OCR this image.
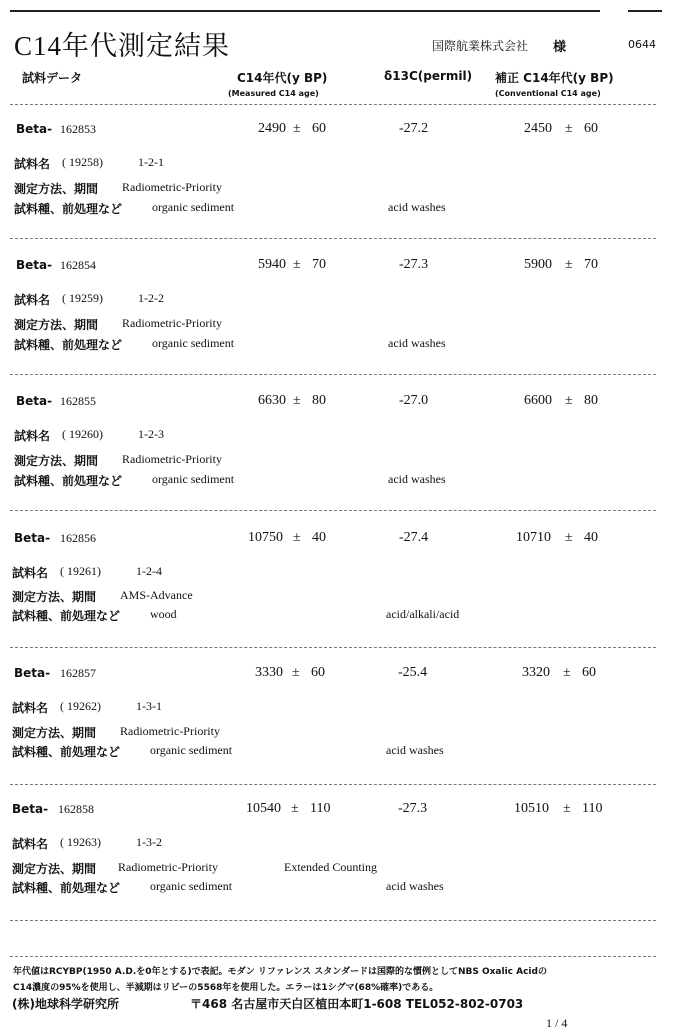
C14年代測定結果	国際航業株式会社 様	0644
試料データ	C14年代(y BP)
(Measured C14 age)
δ13C(permil) 補正 C14年代(y BP)
(Conventional C14 age)
Beta- 162853	2490 ± 60	-27.2	2450 ± 60
試料名 ( 19258)	1-2-1
測定方法、期間 Radiometric-Priority
試料種、前処理など organic sediment	acid washes
Beta- 162854	5940 ± 70	-27.3	5900 ± 70
試料名 ( 19259)	1-2-2
測定方法、期間 Radiometric-Priority
試料種、前処理など organic sediment	acid washes
Beta- 162855	6630 ± 80	-27.0	6600 ± 80
試料名 ( 19260)	1-2-3
測定方法、期間 Radiometric-Priority
試料種、前処理など organic sediment	acid washes
Beta- 162856	10750 ± 40	-27.4	10710 ± 40
試料名 ( 19261)	1-2-4
測定方法、期間 AMS-Advance
試料種、前処理など wood	acid/alkali/acid
Beta- 162857	3330 ± 60	-25.4	3320 ± 60
試料名 ( 19262)	1-3-1
測定方法、期間 Radiometric-Priority
試料種、前処理など organic sediment	acid washes
Beta- 162858	10540 ± 110	-27.3	10510 ± 110
試料名 ( 19263)	1-3-2
測定方法、期間 Radiometric-Priority	Extended Counting
試料種、前処理など organic sediment	acid washes
年代値はRCYBP(1950 A.D.を0年とする)で表記。モダン リファレンス スタンダードは国際的な慣例としてNBS Oxalic Acidの
C14濃度の95%を使用し、半減期はリビーの5568年を使用した。エラーは1シグマ(68%確率)である。
(株)地球科学研究所	〒468 名古屋市天白区植田本町1-608 TEL052-802-0703
1 / 4
